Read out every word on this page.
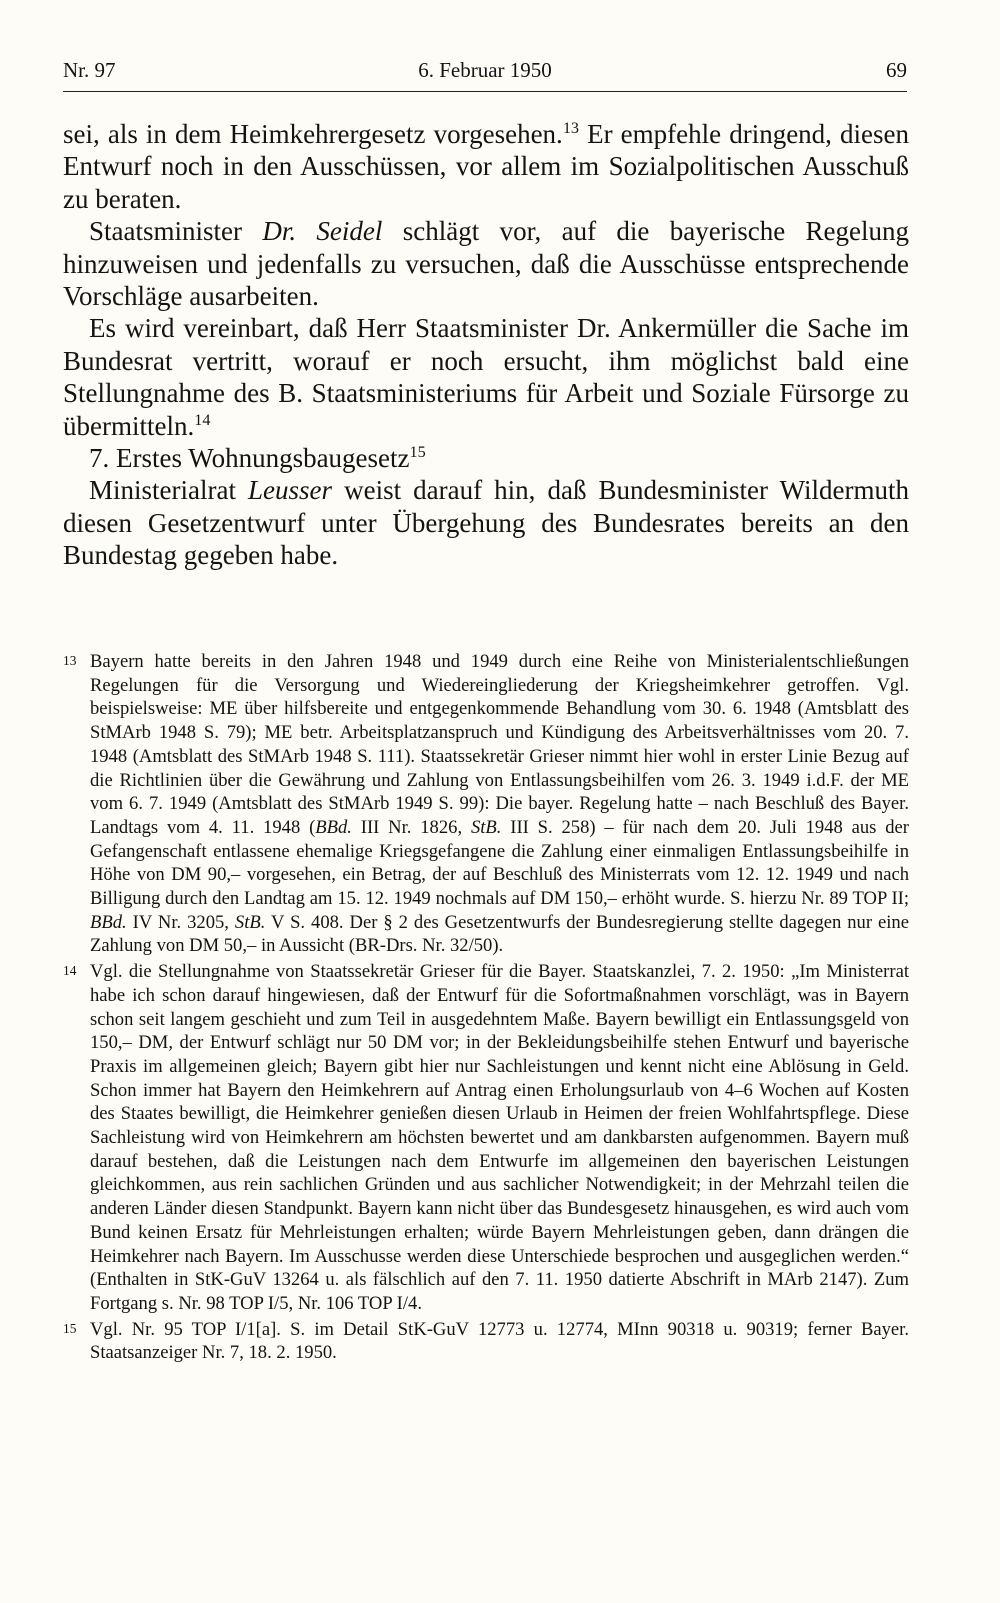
Nr. 97	6. Februar 1950	69

sei, als in dem Heimkehrergesetz vorgesehen.$^{13}$ Er empfehle dringend, diesen Entwurf noch in den Ausschüssen, vor allem im Sozialpolitischen Ausschuß zu beraten.

Staatsminister Dr. Seidel schlägt vor, auf die bayerische Regelung hinzuweisen und jedenfalls zu versuchen, daß die Ausschüsse entsprechende Vorschläge ausarbeiten.

Es wird vereinbart, daß Herr Staatsminister Dr. Ankermüller die Sache im Bundesrat vertritt, worauf er noch ersucht, ihm möglichst bald eine Stellungnahme des B. Staatsministeriums für Arbeit und Soziale Fürsorge zu übermitteln.$^{14}$

7. Erstes Wohnungsbaugesetz$^{15}$

Ministerialrat Leusser weist darauf hin, daß Bundesminister Wildermuth diesen Gesetzentwurf unter Übergehung des Bundesrates bereits an den Bundestag gegeben habe.

13 Bayern hatte bereits in den Jahren 1948 und 1949 durch eine Reihe von Ministerialentschließungen Regelungen für die Versorgung und Wiedereingliederung der Kriegsheimkehrer getroffen. Vgl. beispielsweise: ME über hilfsbereite und entgegenkommende Behandlung vom 30. 6. 1948 (Amtsblatt des StMArb 1948 S. 79); ME betr. Arbeitsplatzanspruch und Kündigung des Arbeitsverhältnisses vom 20. 7. 1948 (Amtsblatt des StMArb 1948 S. 111). Staatssekretär Grieser nimmt hier wohl in erster Linie Bezug auf die Richtlinien über die Gewährung und Zahlung von Entlassungsbeihilfen vom 26. 3. 1949 i.d.F. der ME vom 6. 7. 1949 (Amtsblatt des StMArb 1949 S. 99): Die bayer. Regelung hatte – nach Beschluß des Bayer. Landtags vom 4. 11. 1948 (BBd. III Nr. 1826, StB. III S. 258) – für nach dem 20. Juli 1948 aus der Gefangenschaft entlassene ehemalige Kriegsgefangene die Zahlung einer einmaligen Entlassungsbeihilfe in Höhe von DM 90,– vorgesehen, ein Betrag, der auf Beschluß des Ministerrats vom 12. 12. 1949 und nach Billigung durch den Landtag am 15. 12. 1949 nochmals auf DM 150,– erhöht wurde. S. hierzu Nr. 89 TOP II; BBd. IV Nr. 3205, StB. V S. 408. Der § 2 des Gesetzentwurfs der Bundesregierung stellte dagegen nur eine Zahlung von DM 50,– in Aussicht (BR-Drs. Nr. 32/50).
14 Vgl. die Stellungnahme von Staatssekretär Grieser für die Bayer. Staatskanzlei, 7. 2. 1950: „Im Ministerrat habe ich schon darauf hingewiesen, daß der Entwurf für die Sofortmaßnahmen vorschlägt, was in Bayern schon seit langem geschieht und zum Teil in ausgedehntem Maße. Bayern bewilligt ein Entlassungsgeld von 150,– DM, der Entwurf schlägt nur 50 DM vor; in der Bekleidungsbeihilfe stehen Entwurf und bayerische Praxis im allgemeinen gleich; Bayern gibt hier nur Sachleistungen und kennt nicht eine Ablösung in Geld. Schon immer hat Bayern den Heimkehrern auf Antrag einen Erholungsurlaub von 4–6 Wochen auf Kosten des Staates bewilligt, die Heimkehrer genießen diesen Urlaub in Heimen der freien Wohlfahrtspflege. Diese Sachleistung wird von Heimkehrern am höchsten bewertet und am dankbarsten aufgenommen. Bayern muß darauf bestehen, daß die Leistungen nach dem Entwurfe im allgemeinen den bayerischen Leistungen gleichkommen, aus rein sachlichen Gründen und aus sachlicher Notwendigkeit; in der Mehrzahl teilen die anderen Länder diesen Standpunkt. Bayern kann nicht über das Bundesgesetz hinausgehen, es wird auch vom Bund keinen Ersatz für Mehrleistungen erhalten; würde Bayern Mehrleistungen geben, dann drängen die Heimkehrer nach Bayern. Im Ausschusse werden diese Unterschiede besprochen und ausgeglichen werden.“ (Enthalten in StK-GuV 13264 u. als fälschlich auf den 7. 11. 1950 datierte Abschrift in MArb 2147). Zum Fortgang s. Nr. 98 TOP I/5, Nr. 106 TOP I/4.
15 Vgl. Nr. 95 TOP I/1[a]. S. im Detail StK-GuV 12773 u. 12774, MInn 90318 u. 90319; ferner Bayer. Staatsanzeiger Nr. 7, 18. 2. 1950.
